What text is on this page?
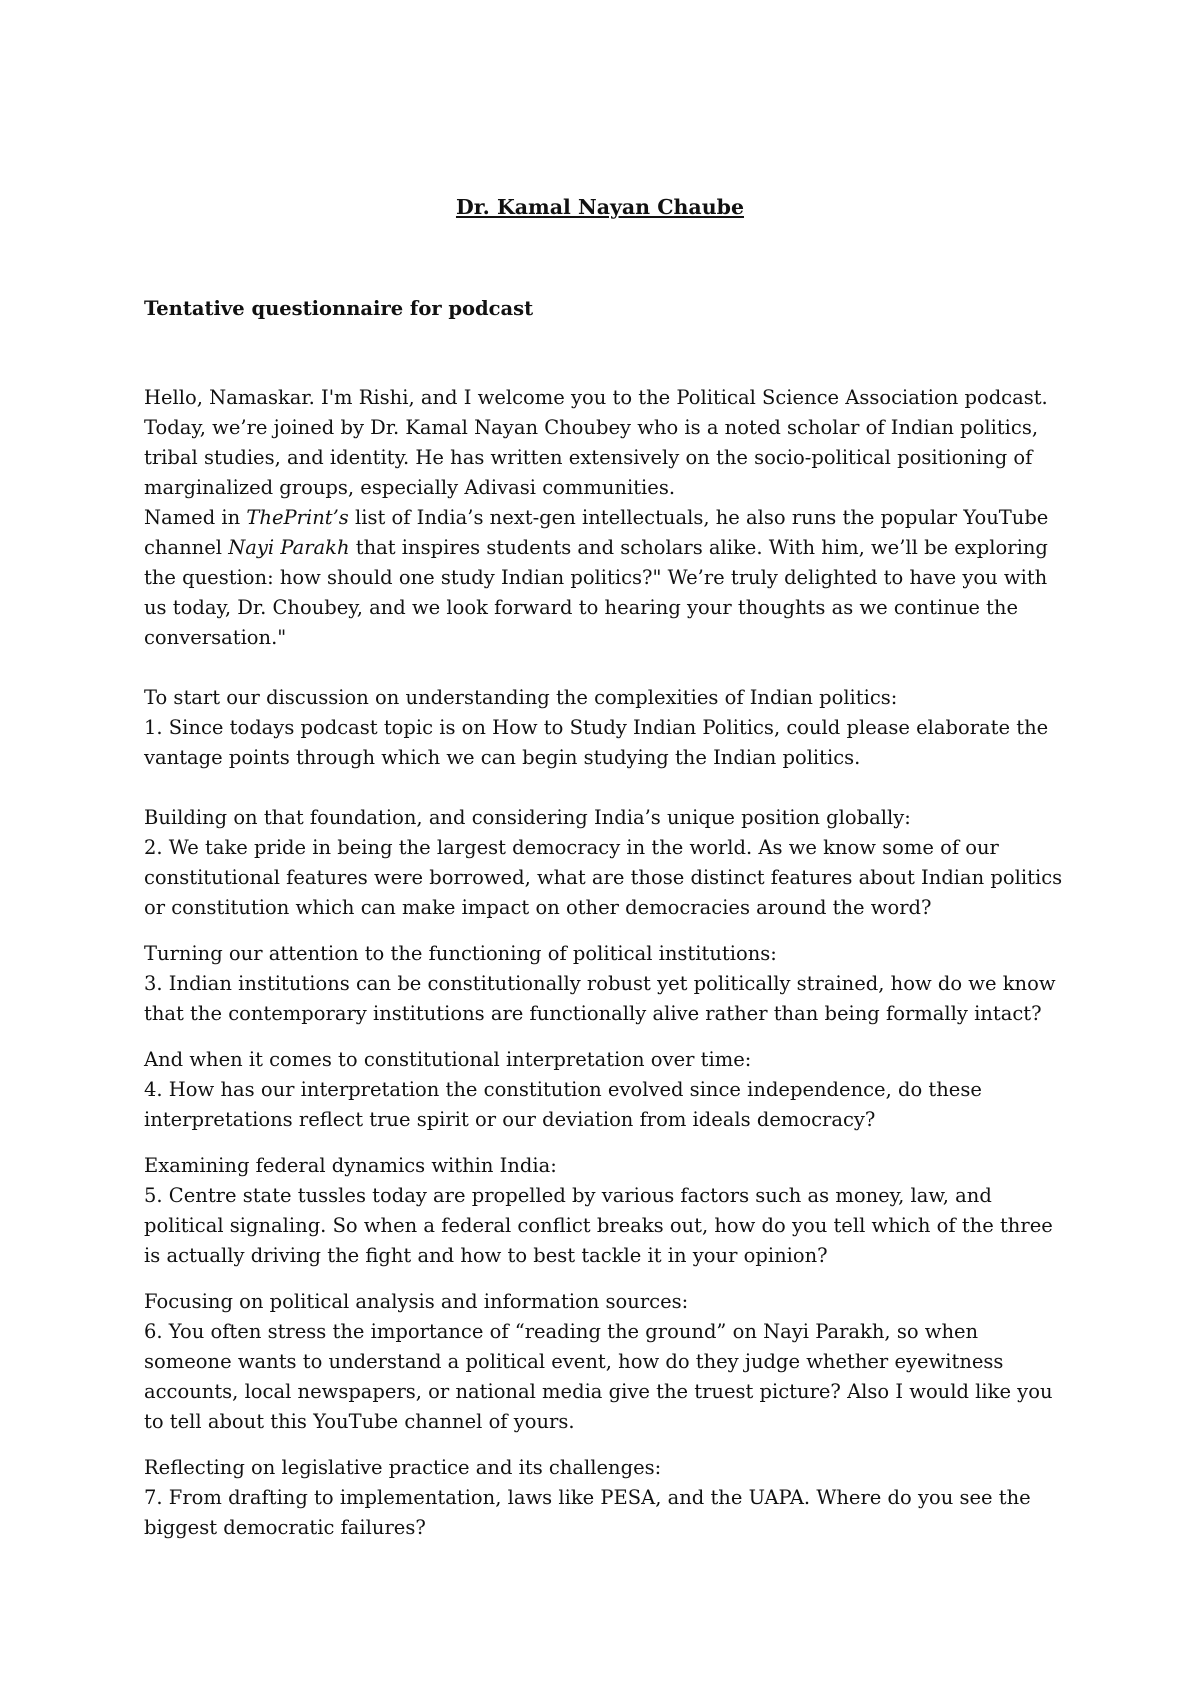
Dr. Kamal Nayan Chaube
Tentative questionnaire for podcast

Hello, Namaskar. I'm Rishi, and I welcome you to the Political Science Association podcast. Today, we’re joined by Dr. Kamal Nayan Choubey who is a noted scholar of Indian politics, tribal studies, and identity. He has written extensively on the socio-political positioning of marginalized groups, especially Adivasi communities.

Named in ThePrint’s list of India’s next-gen intellectuals, he also runs the popular YouTube channel Nayi Parakh that inspires students and scholars alike. With him, we’ll be exploring the question: how should one study Indian politics?" We’re truly delighted to have you with us today, Dr. Choubey, and we look forward to hearing your thoughts as we continue the conversation."

To start our discussion on understanding the complexities of Indian politics:
1. Since todays podcast topic is on How to Study Indian Politics, could please elaborate the vantage points through which we can begin studying the Indian politics.
Building on that foundation, and considering India’s unique position globally:
2. We take pride in being the largest democracy in the world. As we know some of our constitutional features were borrowed, what are those distinct features about Indian politics or constitution which can make impact on other democracies around the word?
Turning our attention to the functioning of political institutions:
3. Indian institutions can be constitutionally robust yet politically strained, how do we know that the contemporary institutions are functionally alive rather than being formally intact?
And when it comes to constitutional interpretation over time:
4. How has our interpretation the constitution evolved since independence, do these interpretations reflect true spirit or our deviation from ideals democracy?
Examining federal dynamics within India:
5. Centre state tussles today are propelled by various factors such as money, law, and political signaling. So when a federal conflict breaks out, how do you tell which of the three is actually driving the fight and how to best tackle it in your opinion?
Focusing on political analysis and information sources:
6. You often stress the importance of “reading the ground” on Nayi Parakh, so when someone wants to understand a political event, how do they judge whether eyewitness accounts, local newspapers, or national media give the truest picture? Also I would like you to tell about this YouTube channel of yours.
Reflecting on legislative practice and its challenges:
7. From drafting to implementation, laws like PESA, and the UAPA. Where do you see the biggest democratic failures?
